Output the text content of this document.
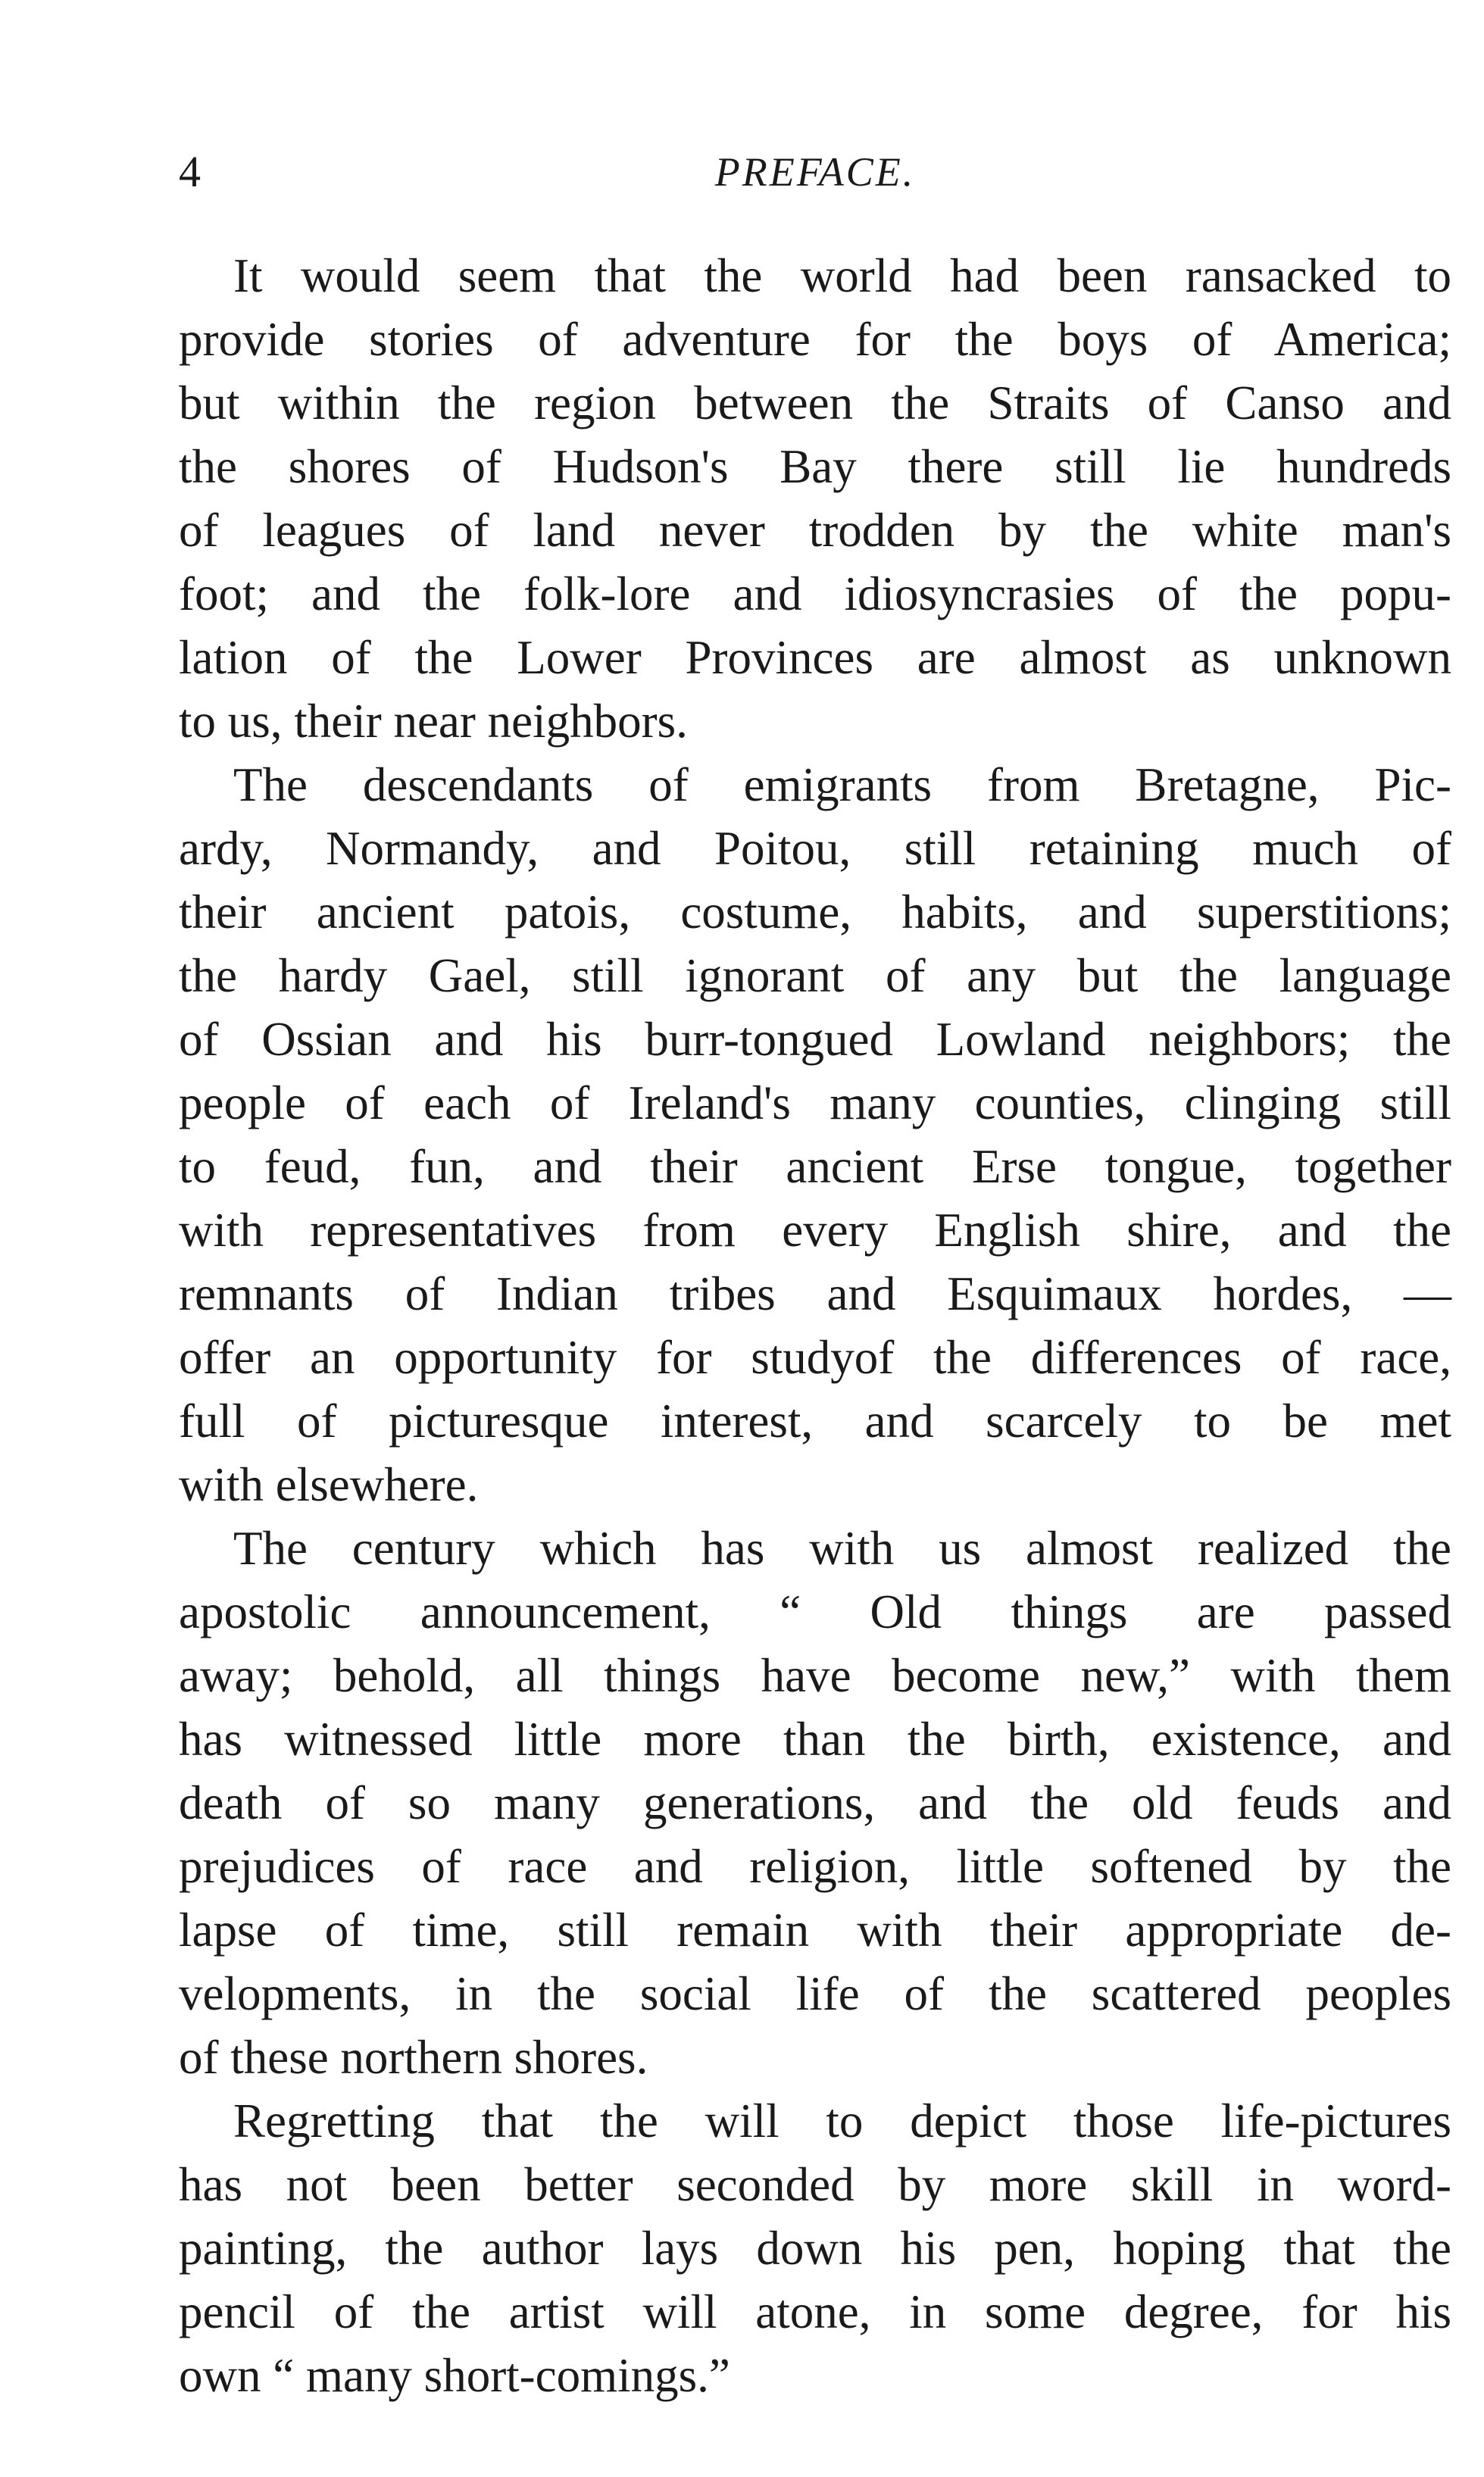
4	PREFACE.
It would seem that the world had been ransacked to
provide stories of adventure for the boys of America;
but within the region between the Straits of Canso and
the shores of Hudson's Bay there still lie hundreds
of leagues of land never trodden by the white man's
foot; and the folk-lore and idiosyncrasies of the popu-
lation of the Lower Provinces are almost as unknown
to us, their near neighbors.
The descendants of emigrants from Bretagne, Pic-
ardy, Normandy, and Poitou, still retaining much of
their ancient patois, costume, habits, and superstitions;
the hardy Gael, still ignorant of any but the language
of Ossian and his burr-tongued Lowland neighbors; the
people of each of Ireland's many counties, clinging still
to feud, fun, and their ancient Erse tongue, together
with representatives from every English shire, and the
remnants of Indian tribes and Esquimaux hordes, —
offer an opportunity for studyof the differences of race,
full of picturesque interest, and scarcely to be met
with elsewhere.
The century which has with us almost realized the
apostolic announcement, “ Old things are passed
away; behold, all things have become new,” with them
has witnessed little more than the birth, existence, and
death of so many generations, and the old feuds and
prejudices of race and religion, little softened by the
lapse of time, still remain with their appropriate de-
velopments, in the social life of the scattered peoples
of these northern shores.
Regretting that the will to depict those life-pictures
has not been better seconded by more skill in word-
painting, the author lays down his pen, hoping that the
pencil of the artist will atone, in some degree, for his
own “ many short-comings.”
